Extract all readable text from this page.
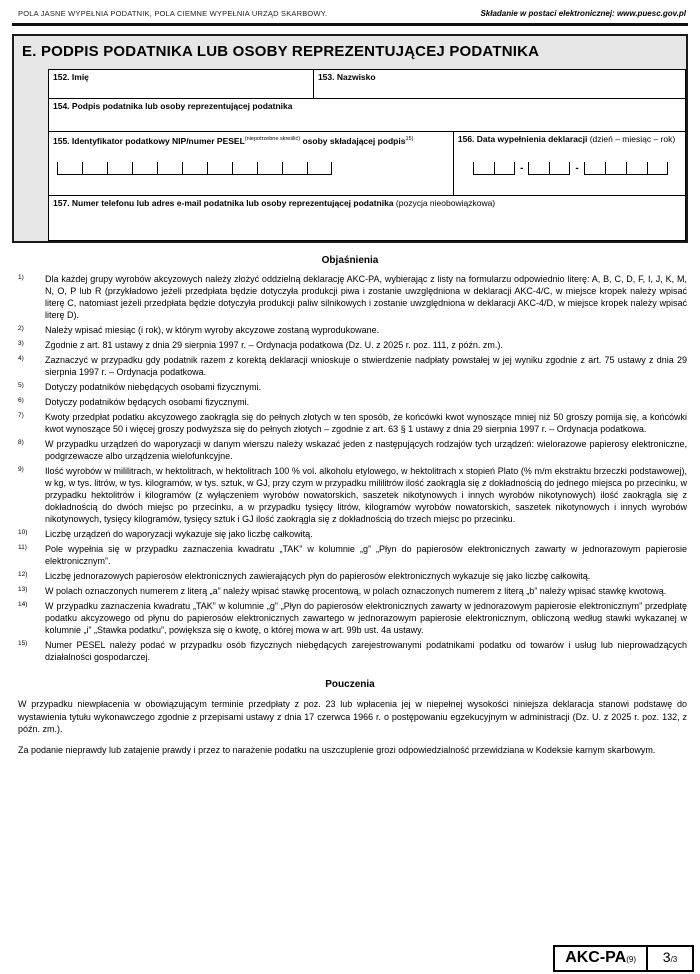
POLA JASNE WYPEŁNIA PODATNIK, POLA CIEMNE WYPEŁNIA URZĄD SKARBOWY.	Składanie w postaci elektronicznej: www.puesc.gov.pl
E. PODPIS PODATNIKA LUB OSOBY REPREZENTUJĄCEJ PODATNIKA
152. Imię	153. Nazwisko
154. Podpis podatnika lub osoby reprezentującej podatnika
155. Identyfikator podatkowy NIP/numer $PESEL^{(niepotrzebne skreślić)}$ osoby składającej podpis$^{15)}$	156. Data wypełnienia deklaracji (dzień – miesiąc – rok)
-	-
157. Numer telefonu lub adres e-mail podatnika lub osoby reprezentującej podatnika (pozycja nieobowiązkowa)
Objaśnienia
1)	Dla każdej grupy wyrobów akcyzowych należy złożyć oddzielną deklarację AKC-PA, wybierając z listy na formularzu odpowiednio literę: A, B, C, D, F, I, J, K, M, N, O, P lub R (przykładowo jeżeli przedpłata będzie dotyczyła produkcji piwa i zostanie uwzględniona w deklaracji AKC-4/C, w miejsce kropek należy wpisać literę C, natomiast jeżeli przedpłata będzie dotyczyła produkcji paliw silnikowych i zostanie uwzględniona w deklaracji AKC-4/D, w miejsce kropek należy wpisać literę D).
2)	Należy wpisać miesiąc (i rok), w którym wyroby akcyzowe zostaną wyprodukowane.
3)	Zgodnie z art. 81 ustawy z dnia 29 sierpnia 1997 r. – Ordynacja podatkowa (Dz. U. z 2025 r. poz. 111, z późn. zm.).
4)	Zaznaczyć w przypadku gdy podatnik razem z korektą deklaracji wnioskuje o stwierdzenie nadpłaty powstałej w jej wyniku zgodnie z art. 75 ustawy z dnia 29 sierpnia 1997 r. – Ordynacja podatkowa.
5)	Dotyczy podatników niebędących osobami fizycznymi.
6)	Dotyczy podatników będących osobami fizycznymi.
7)	Kwoty przedpłat podatku akcyzowego zaokrągla się do pełnych złotych w ten sposób, że końcówki kwot wynoszące mniej niż 50 groszy pomija się, a końcówki kwot wynoszące 50 i więcej groszy podwyższa się do pełnych złotych – zgodnie z art. 63 § 1 ustawy z dnia 29 sierpnia 1997 r. – Ordynacja podatkowa.
8)	W przypadku urządzeń do waporyzacji w danym wierszu należy wskazać jeden z następujących rodzajów tych urządzeń: wielorazowe papierosy elektroniczne, podgrzewacze albo urządzenia wielofunkcyjne.
9)	Ilość wyrobów w mililitrach, w hektolitrach, w hektolitrach 100 % vol. alkoholu etylowego, w hektolitrach x stopień Plato (% m/m ekstraktu brzeczki podstawowej), w kg, w tys. litrów, w tys. kilogramów, w tys. sztuk, w GJ, przy czym w przypadku mililitrów ilość zaokrągla się z dokładnością do jednego miejsca po przecinku, w przypadku hektolitrów i kilogramów (z wyłączeniem wyrobów nowatorskich, saszetek nikotynowych i innych wyrobów nikotynowych) ilość zaokrągla się z dokładnością do dwóch miejsc po przecinku, a w przypadku tysięcy litrów, kilogramów wyrobów nowatorskich, saszetek nikotynowych i innych wyrobów nikotynowych, tysięcy kilogramów, tysięcy sztuk i GJ ilość zaokrągla się z dokładnością do trzech miejsc po przecinku.
10)	Liczbę urządzeń do waporyzacji wykazuje się jako liczbę całkowitą.
11)	Pole wypełnia się w przypadku zaznaczenia kwadratu „TAK” w kolumnie „g” „Płyn do papierosów elektronicznych zawarty w jednorazowym papierosie elektronicznym”.
12)	Liczbę jednorazowych papierosów elektronicznych zawierających płyn do papierosów elektronicznych wykazuje się jako liczbę całkowitą.
13)	W polach oznaczonych numerem z literą „a” należy wpisać stawkę procentową, w polach oznaczonych numerem z literą „b” należy wpisać stawkę kwotową.
14)	W przypadku zaznaczenia kwadratu „TAK” w kolumnie „g” „Płyn do papierosów elektronicznych zawarty w jednorazowym papierosie elektronicznym” przedpłatę podatku akcyzowego od płynu do papierosów elektronicznych zawartego w jednorazowym papierosie elektronicznym, obliczoną według stawki wykazanej w kolumnie „i” „Stawka podatku”, powiększa się o kwotę, o której mowa w art. 99b ust. 4a ustawy.
15)	Numer PESEL należy podać w przypadku osób fizycznych niebędących zarejestrowanymi podatnikami podatku od towarów i usług lub nieprowadzących działalności gospodarczej.
Pouczenia

W przypadku niewpłacenia w obowiązującym terminie przedpłaty z poz. 23 lub wpłacenia jej w niepełnej wysokości niniejsza deklaracja stanowi podstawę do wystawienia tytułu wykonawczego zgodnie z przepisami ustawy z dnia 17 czerwca 1966 r. o postępowaniu egzekucyjnym w administracji (Dz. U. z 2025 r. poz. 132, z późn. zm.).

Za podanie nieprawdy lub zatajenie prawdy i przez to narażenie podatku na uszczuplenie grozi odpowiedzialność przewidziana w Kodeksie karnym skarbowym.

AKC-PA (9) 3 /3
